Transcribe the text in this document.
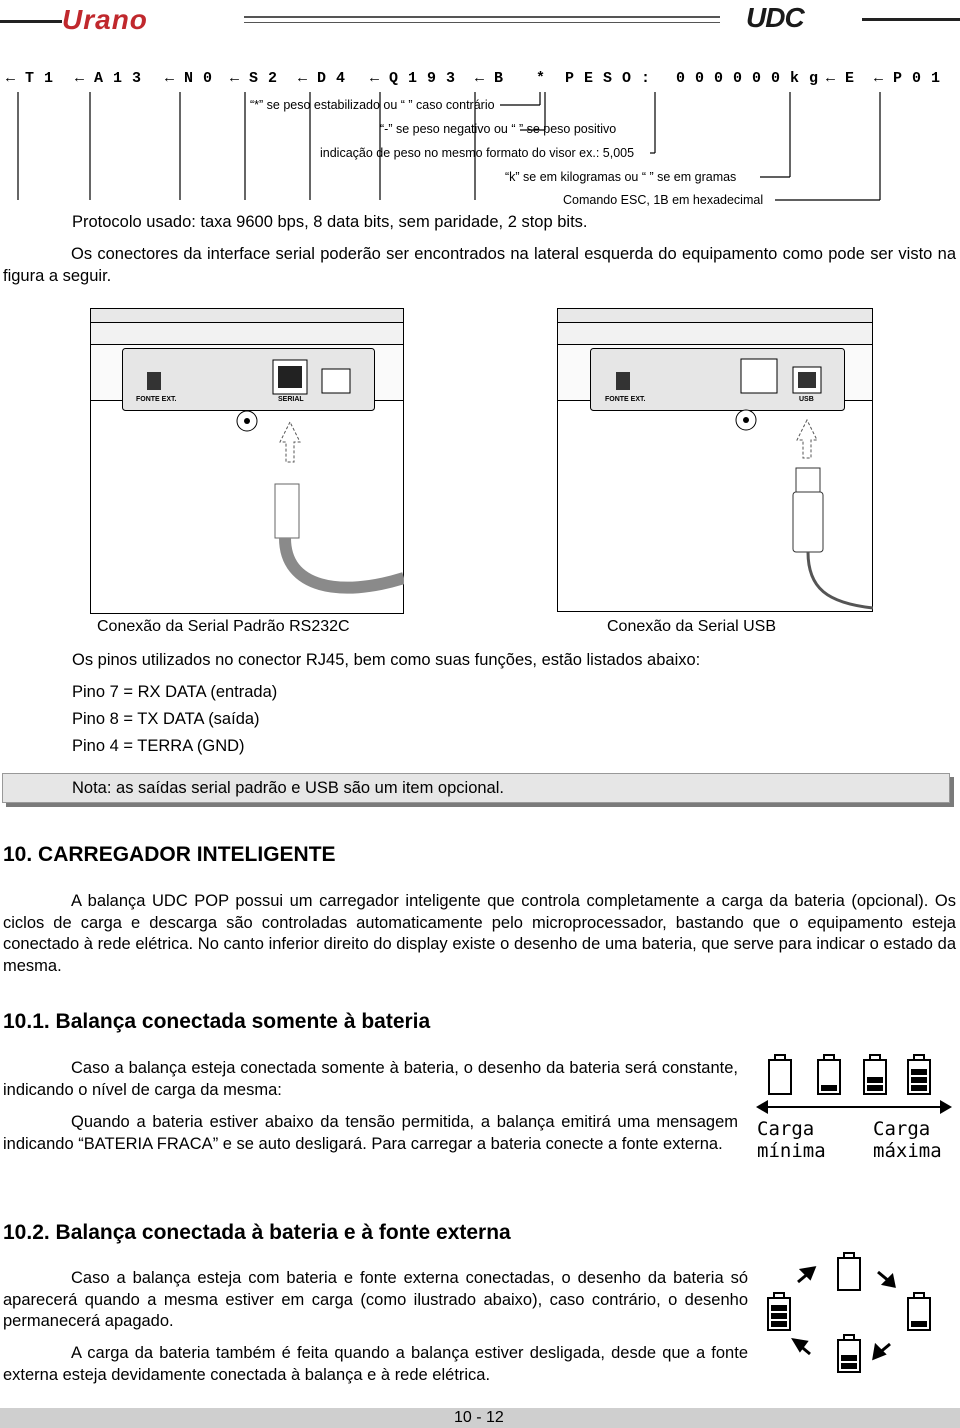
Urano	UDC
← T 1 ← A 1 3 ← N 0 ← S 2 ← D 4 ← Q 1 9 3 ← B * P E S O : 0 0 0 0 0 0 k g ← E ← P 0 1
“*” se peso estabilizado ou “ ” caso contrário
“-” se peso negativo ou “ ” se peso positivo
indicação de peso no mesmo formato do visor ex.: 5,005
“k” se em kilogramas ou “ ” se em gramas
Comando ESC, 1B em hexadecimal
Protocolo usado: taxa 9600 bps, 8 data bits, sem paridade, 2 stop bits.
Os conectores da interface serial poderão ser encontrados na lateral esquerda do equipamento como pode ser visto na figura a seguir.
FONTE EXT.	SERIAL
Conexão da Serial Padrão RS232C
FONTE EXT.	USB
Conexão da Serial USB
Os pinos utilizados no conector RJ45, bem como suas funções, estão listados abaixo:
Pino 7 = RX DATA (entrada)
Pino 8 = TX DATA (saída)
Pino 4 = TERRA (GND)
Nota: as saídas serial padrão e USB são um item opcional.
10. CARREGADOR INTELIGENTE
A balança UDC POP possui um carregador inteligente que controla completamente a carga da bateria (opcional). Os ciclos de carga e descarga são controladas automaticamente pelo microprocessador, bastando que o equipamento esteja conectado à rede elétrica. No canto inferior direito do display existe o desenho de uma bateria, que serve para indicar o estado da mesma.
10.1. Balança conectada somente à bateria
Caso a balança esteja conectada somente à bateria, o desenho da bateria será constante, indicando o nível de carga da mesma:
Quando a bateria estiver abaixo da tensão permitida, a balança emitirá uma mensagem indicando “BATERIA FRACA” e se auto desligará. Para carregar a bateria conecte a fonte externa.
Carga
mínima
Carga
máxima
10.2. Balança conectada à bateria e à fonte externa
Caso a balança esteja com bateria e fonte externa conectadas, o desenho da bateria só aparecerá quando a mesma estiver em carga (como ilustrado abaixo), caso contrário, o desenho permanecerá apagado.
A carga da bateria também é feita quando a balança estiver desligada, desde que a fonte externa esteja devidamente conectada à balança e à rede elétrica.
10 - 12
